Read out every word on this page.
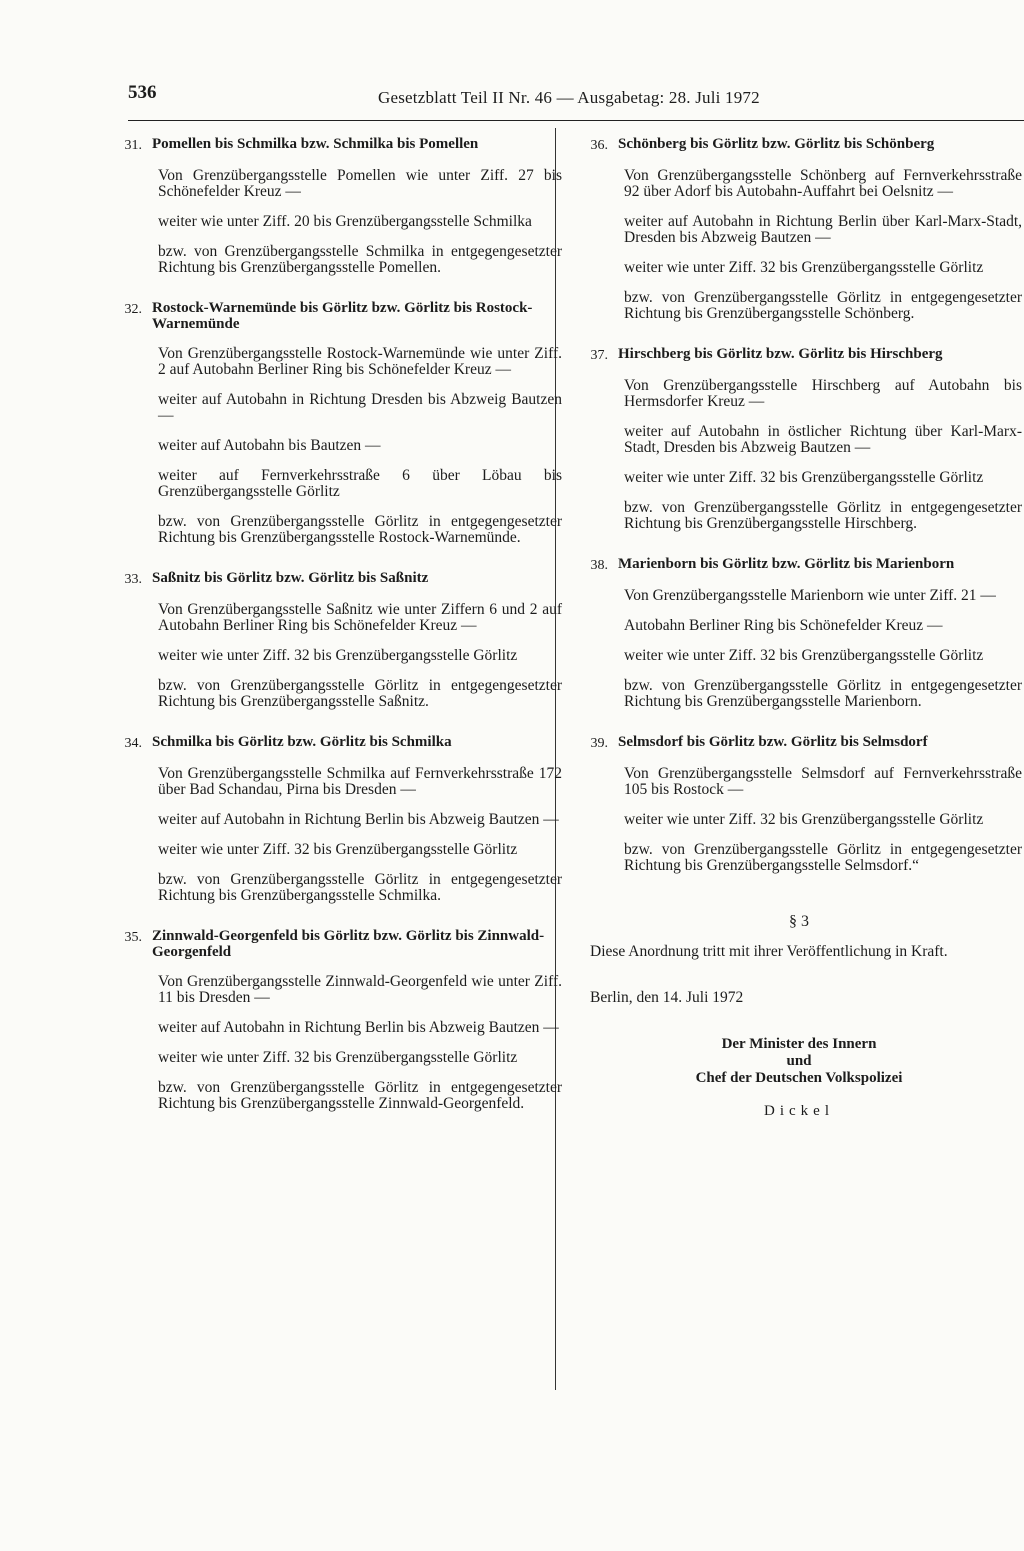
536	Gesetzblatt Teil II Nr. 46 — Ausgabetag: 28. Juli 1972
31. Pomellen bis Schmilka bzw. Schmilka bis Pomellen
Von Grenzübergangsstelle Pomellen wie unter Ziff. 27 bis Schönefelder Kreuz —
weiter wie unter Ziff. 20 bis Grenzübergangsstelle Schmilka
bzw. von Grenzübergangsstelle Schmilka in entgegengesetzter Richtung bis Grenzübergangsstelle Pomellen.
32. Rostock-Warnemünde bis Görlitz bzw. Görlitz bis Rostock-Warnemünde
Von Grenzübergangsstelle Rostock-Warnemünde wie unter Ziff. 2 auf Autobahn Berliner Ring bis Schönefelder Kreuz —
weiter auf Autobahn in Richtung Dresden bis Abzweig Bautzen —
weiter auf Autobahn bis Bautzen —
weiter auf Fernverkehrsstraße 6 über Löbau bis Grenzübergangsstelle Görlitz
bzw. von Grenzübergangsstelle Görlitz in entgegengesetzter Richtung bis Grenzübergangsstelle Rostock-Warnemünde.
33. Saßnitz bis Görlitz bzw. Görlitz bis Saßnitz
Von Grenzübergangsstelle Saßnitz wie unter Ziffern 6 und 2 auf Autobahn Berliner Ring bis Schönefelder Kreuz —
weiter wie unter Ziff. 32 bis Grenzübergangsstelle Görlitz
bzw. von Grenzübergangsstelle Görlitz in entgegengesetzter Richtung bis Grenzübergangsstelle Saßnitz.
34. Schmilka bis Görlitz bzw. Görlitz bis Schmilka
Von Grenzübergangsstelle Schmilka auf Fernverkehrsstraße 172 über Bad Schandau, Pirna bis Dresden —
weiter auf Autobahn in Richtung Berlin bis Abzweig Bautzen —
weiter wie unter Ziff. 32 bis Grenzübergangsstelle Görlitz
bzw. von Grenzübergangsstelle Görlitz in entgegengesetzter Richtung bis Grenzübergangsstelle Schmilka.
35. Zinnwald-Georgenfeld bis Görlitz bzw. Görlitz bis Zinnwald-Georgenfeld
Von Grenzübergangsstelle Zinnwald-Georgenfeld wie unter Ziff. 11 bis Dresden —
weiter auf Autobahn in Richtung Berlin bis Abzweig Bautzen —
weiter wie unter Ziff. 32 bis Grenzübergangsstelle Görlitz
bzw. von Grenzübergangsstelle Görlitz in entgegengesetzter Richtung bis Grenzübergangsstelle Zinnwald-Georgenfeld.
36. Schönberg bis Görlitz bzw. Görlitz bis Schönberg
Von Grenzübergangsstelle Schönberg auf Fernverkehrsstraße 92 über Adorf bis Autobahn-Auffahrt bei Oelsnitz —
weiter auf Autobahn in Richtung Berlin über Karl-Marx-Stadt, Dresden bis Abzweig Bautzen —
weiter wie unter Ziff. 32 bis Grenzübergangsstelle Görlitz
bzw. von Grenzübergangsstelle Görlitz in entgegengesetzter Richtung bis Grenzübergangsstelle Schönberg.
37. Hirschberg bis Görlitz bzw. Görlitz bis Hirschberg
Von Grenzübergangsstelle Hirschberg auf Autobahn bis Hermsdorfer Kreuz —
weiter auf Autobahn in östlicher Richtung über Karl-Marx-Stadt, Dresden bis Abzweig Bautzen —
weiter wie unter Ziff. 32 bis Grenzübergangsstelle Görlitz
bzw. von Grenzübergangsstelle Görlitz in entgegengesetzter Richtung bis Grenzübergangsstelle Hirschberg.
38. Marienborn bis Görlitz bzw. Görlitz bis Marienborn
Von Grenzübergangsstelle Marienborn wie unter Ziff. 21 —
Autobahn Berliner Ring bis Schönefelder Kreuz —
weiter wie unter Ziff. 32 bis Grenzübergangsstelle Görlitz
bzw. von Grenzübergangsstelle Görlitz in entgegengesetzter Richtung bis Grenzübergangsstelle Marienborn.
39. Selmsdorf bis Görlitz bzw. Görlitz bis Selmsdorf
Von Grenzübergangsstelle Selmsdorf auf Fernverkehrsstraße 105 bis Rostock —
weiter wie unter Ziff. 32 bis Grenzübergangsstelle Görlitz
bzw. von Grenzübergangsstelle Görlitz in entgegengesetzter Richtung bis Grenzübergangsstelle Selmsdorf.“
§ 3
Diese Anordnung tritt mit ihrer Veröffentlichung in Kraft.
Berlin, den 14. Juli 1972
Der Minister des Innern
und
Chef der Deutschen Volkspolizei
Dickel
